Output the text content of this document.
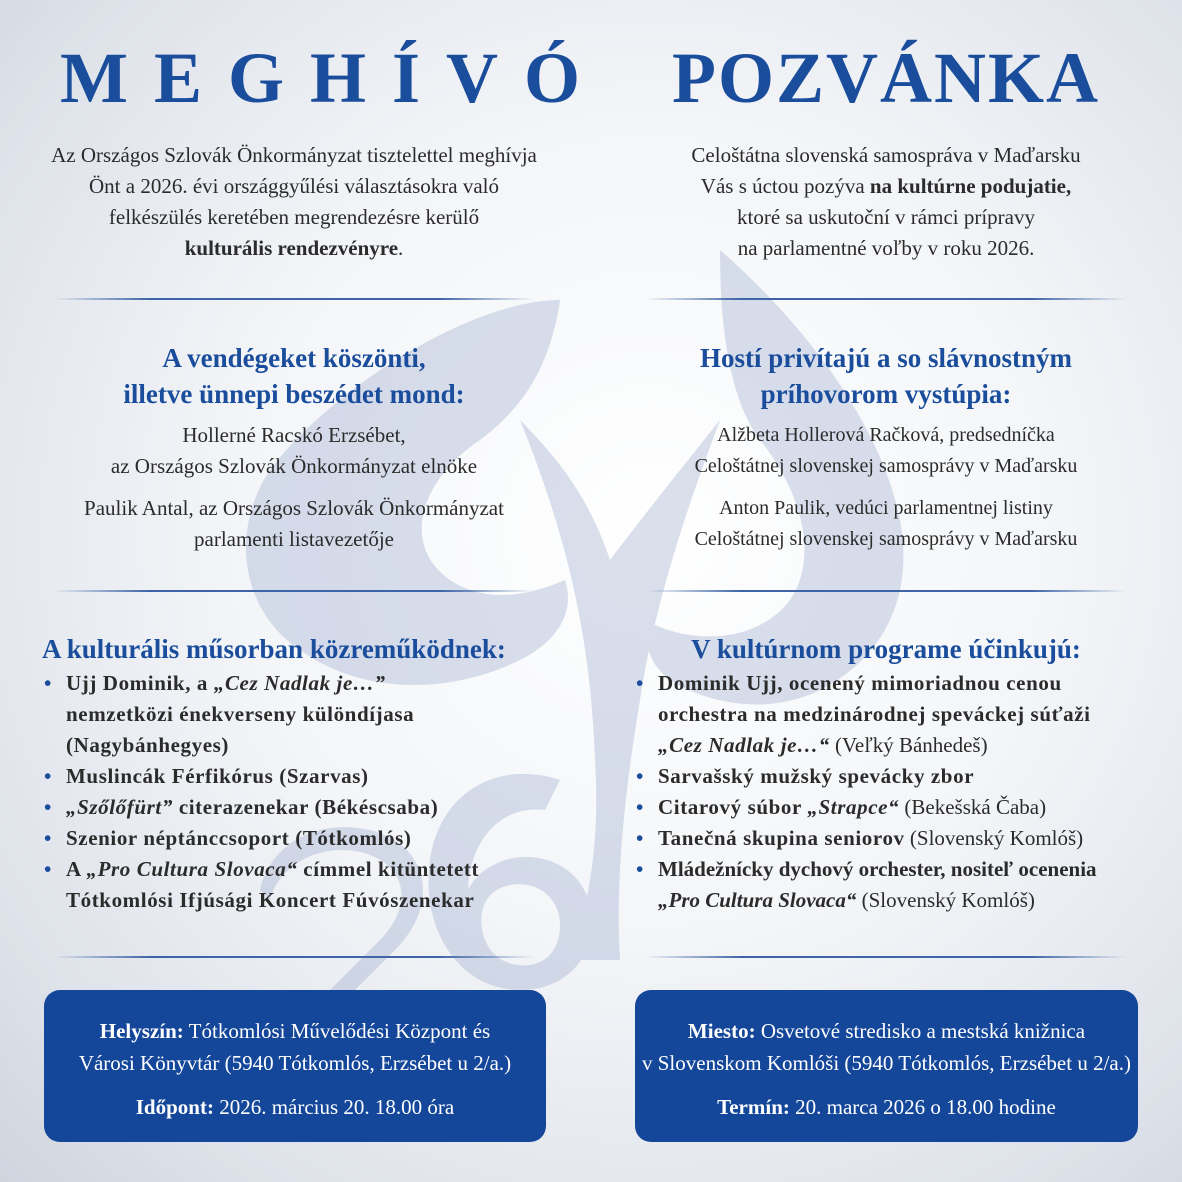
MEGHÍVÓ

Az Országos Szlovák Önkormányzat tisztelettel meghívja
Önt a 2026. évi országgyűlési választásokra való
felkészülés keretében megrendezésre kerülő
kulturális rendezvényre.

A vendégeket köszönti,
illetve ünnepi beszédet mond:

Hollerné Racskó Erzsébet,
az Országos Szlovák Önkormányzat elnöke

Paulik Antal, az Országos Szlovák Önkormányzat
parlamenti listavezetője

A kulturális műsorban közreműködnek:
• Ujj Dominik, a „Cez Nadlak je…”
nemzetközi énekverseny különdíjasa
(Nagybánhegyes)
• Muslincák Férfikórus (Szarvas)
• „Szőlőfürt” citerazenekar (Békéscsaba)
• Szenior néptánccsoport (Tótkomlós)
• A „Pro Cultura Slovaca“ címmel kitüntetett
Tótkomlósi Ifjúsági Koncert Fúvószenekar

Helyszín: Tótkomlósi Művelődési Központ és
Városi Könyvtár (5940 Tótkomlós, Erzsébet u 2/a.)

Időpont: 2026. március 20. 18.00 óra

POZVÁNKA

Celoštátna slovenská samospráva v Maďarsku
Vás s úctou pozýva na kultúrne podujatie,
ktoré sa uskutoční v rámci prípravy
na parlamentné voľby v roku 2026.

Hostí privítajú a so slávnostným
príhovorom vystúpia:

Alžbeta Hollerová Račková, predsedníčka
Celoštátnej slovenskej samosprávy v Maďarsku

Anton Paulik, vedúci parlamentnej listiny
Celoštátnej slovenskej samosprávy v Maďarsku

V kultúrnom programe účinkujú:
• Dominik Ujj, ocenený mimoriadnou cenou
orchestra na medzinárodnej speváckej súťaži
„Cez Nadlak je…“ (Veľký Bánhedeš)
• Sarvašský mužský spevácky zbor
• Citarový súbor „Strapce“ (Bekešská Čaba)
• Tanečná skupina seniorov (Slovenský Komlóš)
• Mládežnícky dychový orchester, nositeľ ocenenia
„Pro Cultura Slovaca“ (Slovenský Komlóš)

Miesto: Osvetové stredisko a mestská knižnica
v Slovenskom Komlóši (5940 Tótkomlós, Erzsébet u 2/a.)

Termín: 20. marca 2026 o 18.00 hodine
